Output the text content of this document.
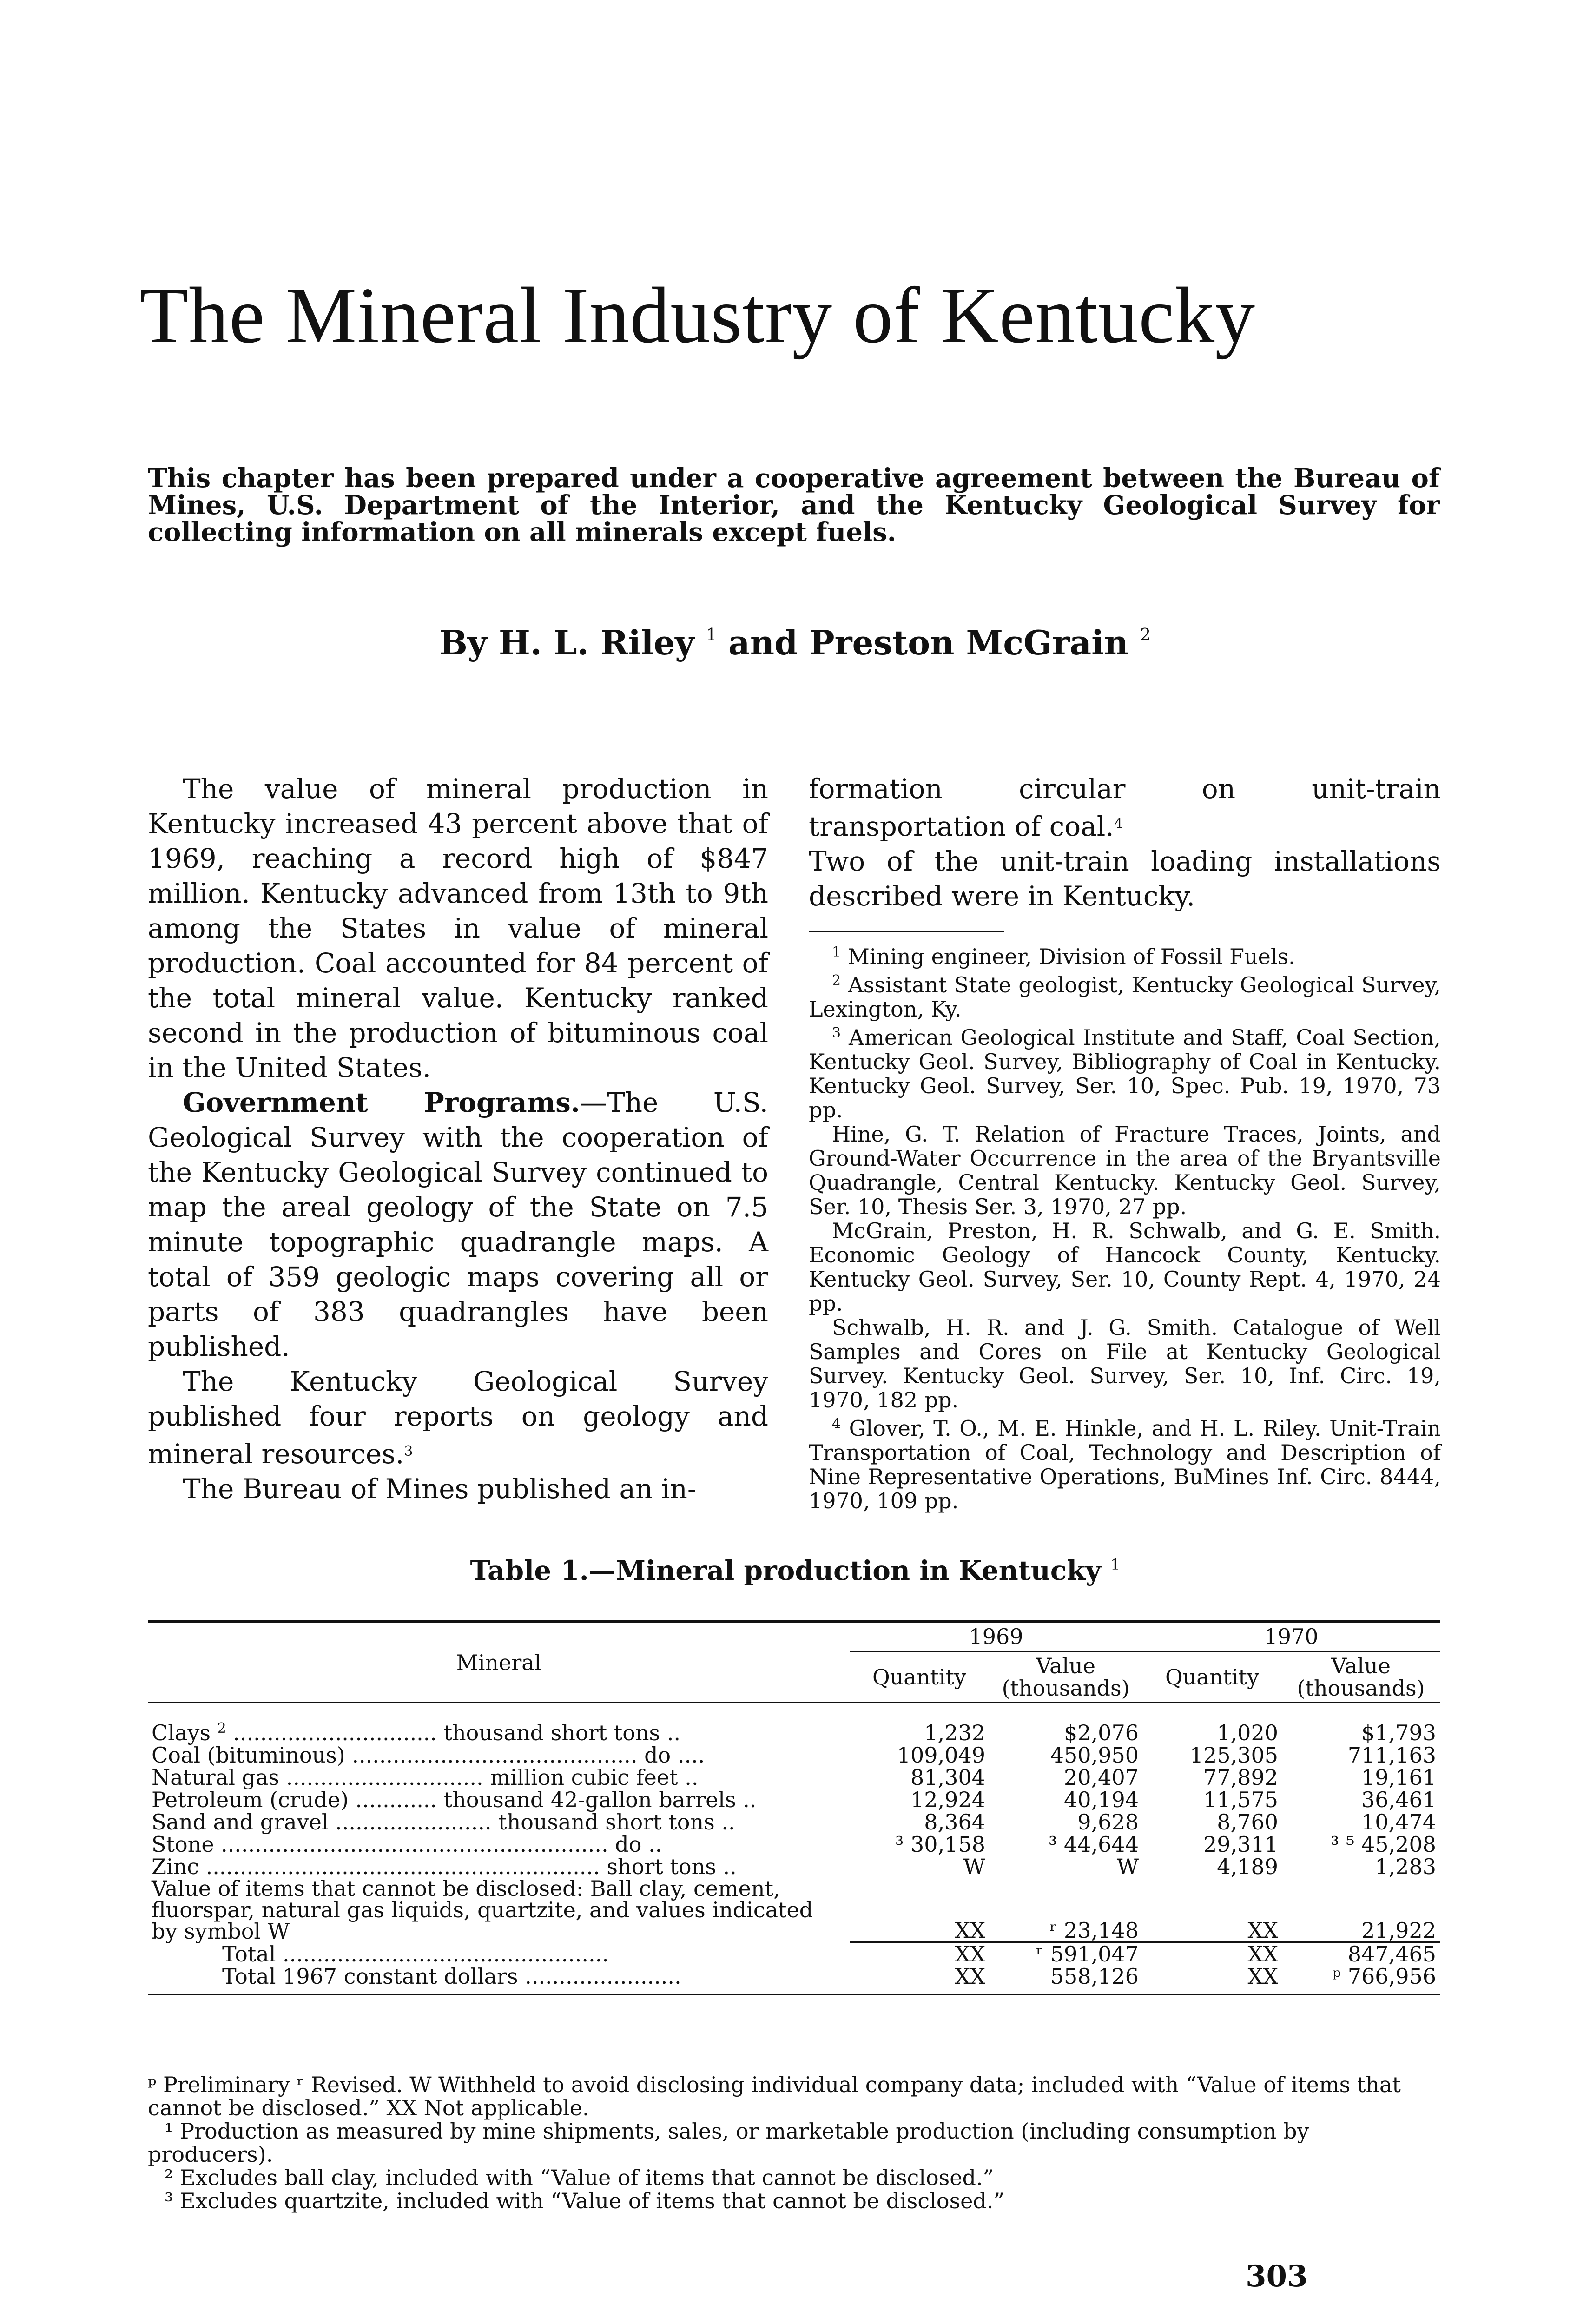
The Mineral Industry of Kentucky

This chapter has been prepared under a cooperative agreement between the Bureau of Mines, U.S. Department of the Interior, and the Kentucky Geological Survey for collecting information on all minerals except fuels.

By H. L. Riley $^1$ and Preston McGrain $^2$

The value of mineral production in Kentucky increased 43 percent above that of 1969, reaching a record high of $847 million. Kentucky advanced from 13th to 9th among the States in value of mineral production. Coal accounted for 84 percent of the total mineral value. Kentucky ranked second in the production of bituminous coal in the United States.

Government Programs.—The U.S. Geological Survey with the cooperation of the Kentucky Geological Survey continued to map the areal geology of the State on 7.5 minute topographic quadrangle maps. A total of 359 geologic maps covering all or parts of 383 quadrangles have been published.

The Kentucky Geological Survey published four reports on geology and mineral resources.$^3$

The Bureau of Mines published an in-

formation circular on unit-train transportation of coal.$^4$

Two of the unit-train loading installations described were in Kentucky.

$^1$ Mining engineer, Division of Fossil Fuels.

$^2$ Assistant State geologist, Kentucky Geological Survey, Lexington, Ky.

$^3$ American Geological Institute and Staff, Coal Section, Kentucky Geol. Survey, Bibliography of Coal in Kentucky. Kentucky Geol. Survey, Ser. 10, Spec. Pub. 19, 1970, 73 pp.

Hine, G. T. Relation of Fracture Traces, Joints, and Ground-Water Occurrence in the area of the Bryantsville Quadrangle, Central Kentucky. Kentucky Geol. Survey, Ser. 10, Thesis Ser. 3, 1970, 27 pp.

McGrain, Preston, H. R. Schwalb, and G. E. Smith. Economic Geology of Hancock County, Kentucky. Kentucky Geol. Survey, Ser. 10, County Rept. 4, 1970, 24 pp.

Schwalb, H. R. and J. G. Smith. Catalogue of Well Samples and Cores on File at Kentucky Geological Survey. Kentucky Geol. Survey, Ser. 10, Inf. Circ. 19, 1970, 182 pp.

$^4$ Glover, T. O., M. E. Hinkle, and H. L. Riley. Unit-Train Transportation of Coal, Technology and Description of Nine Representative Operations, BuMines Inf. Circ. 8444, 1970, 109 pp.

Table 1.—Mineral production in Kentucky $^1$
Mineral	1969		1970	
	Quantity	Value (thousands)	Quantity	Value (thousands)

Clays $^2$ .............................. thousand short tons ..	1,232	$2,076	1,020	$1,793
Coal (bituminous) .......................................... do ....	109,049	450,950	125,305	711,163
Natural gas ............................. million cubic feet ..	81,304	20,407	77,892	19,161
Petroleum (crude) ............ thousand 42-gallon barrels ..	12,924	40,194	11,575	36,461
Sand and gravel ....................... thousand short tons ..	8,364	9,628	8,760	10,474
Stone ......................................................... do ..	³ 30,158	³ 44,644	29,311	³ ⁵ 45,208
Zinc .......................................................... short tons ..	W	W	4,189	1,283
Value of items that cannot be disclosed: Ball clay, cement, fluorspar, natural gas liquids, quartzite, and values indicated by symbol W	XX	ʳ 23,148	XX	21,922
Total ................................................	XX	ʳ 591,047	XX	847,465
Total 1967 constant dollars .......................	XX	558,126	XX	ᵖ 766,956

ᵖ Preliminary ʳ Revised. W Withheld to avoid disclosing individual company data; included with “Value of items that cannot be disclosed.” XX Not applicable.

¹ Production as measured by mine shipments, sales, or marketable production (including consumption by producers).

² Excludes ball clay, included with “Value of items that cannot be disclosed.”

³ Excludes quartzite, included with “Value of items that cannot be disclosed.”

303
